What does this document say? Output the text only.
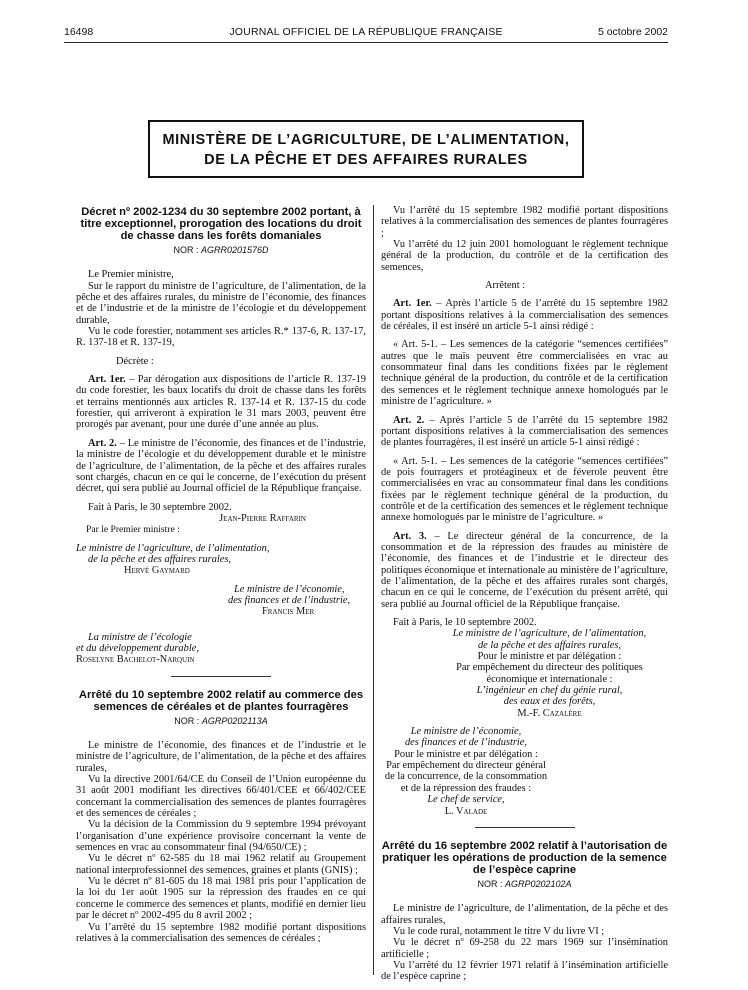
16498	JOURNAL OFFICIEL DE LA RÉPUBLIQUE FRANÇAISE	5 octobre 2002
MINISTÈRE DE L’AGRICULTURE, DE L’ALIMENTATION,
DE LA PÊCHE ET DES AFFAIRES RURALES

Décret nº 2002-1234 du 30 septembre 2002 portant, à titre exceptionnel, prorogation des locations du droit de chasse dans les forêts domaniales

NOR : AGRR0201576D

Le Premier ministre,

Sur le rapport du ministre de l’agriculture, de l’alimentation, de la pêche et des affaires rurales, du ministre de l’économie, des finances et de l’industrie et de la ministre de l’écologie et du développement durable,

Vu le code forestier, notamment ses articles R.* 137-6, R. 137-17, R. 137-18 et R. 137-19,

Décrète :

Art. 1er. – Par dérogation aux dispositions de l’article R. 137-19 du code forestier, les baux locatifs du droit de chasse dans les forêts et terrains mentionnés aux articles R. 137-14 et R. 137-15 du code forestier, qui arriveront à expiration le 31 mars 2003, peuvent être prorogés par avenant, pour une durée d’une année au plus.

Art. 2. – Le ministre de l’économie, des finances et de l’industrie, la ministre de l’écologie et du développement durable et le ministre de l’agriculture, de l’alimentation, de la pêche et des affaires rurales sont chargés, chacun en ce qui le concerne, de l’exécution du présent décret, qui sera publié au Journal officiel de la République française.

Fait à Paris, le 30 septembre 2002.

Jean-Pierre Raffarin

Par le Premier ministre :

Le ministre de l’agriculture, de l’alimentation,

de la pêche et des affaires rurales,

Hervé Gaymard

Le ministre de l’économie,

des finances et de l’industrie,

Francis Mer

La ministre de l’écologie

et du développement durable,

Roselyne Bachelot-Narquin

Arrêté du 10 septembre 2002 relatif au commerce des semences de céréales et de plantes fourragères

NOR : AGRP0202113A

Le ministre de l’économie, des finances et de l’industrie et le ministre de l’agriculture, de l’alimentation, de la pêche et des affaires rurales,

Vu la directive 2001/64/CE du Conseil de l’Union européenne du 31 août 2001 modifiant les directives 66/401/CEE et 66/402/CEE concernant la commercialisation des semences de plantes fourragères et des semences de céréales ;

Vu la décision de la Commission du 9 septembre 1994 prévoyant l’organisation d’une expérience provisoire concernant la vente de semences en vrac au consommateur final (94/650/CE) ;

Vu le décret nº 62-585 du 18 mai 1962 relatif au Groupement national interprofessionnel des semences, graines et plants (GNIS) ;

Vu le décret nº 81-605 du 18 mai 1981 pris pour l’application de la loi du 1er août 1905 sur la répression des fraudes en ce qui concerne le commerce des semences et plants, modifié en dernier lieu par le décret nº 2002-495 du 8 avril 2002 ;

Vu l’arrêté du 15 septembre 1982 modifié portant dispositions relatives à la commercialisation des semences de céréales ;

Vu l’arrêté du 15 septembre 1982 modifié portant dispositions relatives à la commercialisation des semences de plantes fourragères ;

Vu l’arrêté du 12 juin 2001 homologuant le règlement technique général de la production, du contrôle et de la certification des semences,

Arrêtent :

Art. 1er. – Après l’article 5 de l’arrêté du 15 septembre 1982 portant dispositions relatives à la commercialisation des semences de céréales, il est inséré un article 5-1 ainsi rédigé :

« Art. 5-1. – Les semences de la catégorie “semences certifiées” autres que le maïs peuvent être commercialisées en vrac au consommateur final dans les conditions fixées par le règlement technique général de la production, du contrôle et de la certification des semences et le règlement technique annexe homologués par le ministre de l’agriculture. »

Art. 2. – Après l’article 5 de l’arrêté du 15 septembre 1982 portant dispositions relatives à la commercialisation des semences de plantes fourragères, il est inséré un article 5-1 ainsi rédigé :

« Art. 5-1. – Les semences de la catégorie “semences certifiées” de pois fourragers et protéagineux et de féverole peuvent être commercialisées en vrac au consommateur final dans les conditions fixées par le règlement technique général de la production, du contrôle et de la certification des semences et le règlement technique annexe homologués par le ministre de l’agriculture. »

Art. 3. – Le directeur général de la concurrence, de la consommation et de la répression des fraudes au ministère de l’économie, des finances et de l’industrie et le directeur des politiques économique et internationale au ministère de l’agriculture, de l’alimentation, de la pêche et des affaires rurales sont chargés, chacun en ce qui le concerne, de l’exécution du présent arrêté, qui sera publié au Journal officiel de la République française.

Fait à Paris, le 10 septembre 2002.

Le ministre de l’agriculture, de l’alimentation,

de la pêche et des affaires rurales,

Pour le ministre et par délégation :

Par empêchement du directeur des politiques

économique et internationale :

L’ingénieur en chef du génie rural,

des eaux et des forêts,

M.-F. Cazalère

Le ministre de l’économie,

des finances et de l’industrie,

Pour le ministre et par délégation :

Par empêchement du directeur général

de la concurrence, de la consommation

et de la répression des fraudes :

Le chef de service,

L. Valade

Arrêté du 16 septembre 2002 relatif à l’autorisation de pratiquer les opérations de production de la semence de l’espèce caprine

NOR : AGRP0202102A

Le ministre de l’agriculture, de l’alimentation, de la pêche et des affaires rurales,

Vu le code rural, notamment le titre V du livre VI ;

Vu le décret nº 69-258 du 22 mars 1969 sur l’insémination artificielle ;

Vu l’arrêté du 12 février 1971 relatif à l’insémination artificielle de l’espèce caprine ;
